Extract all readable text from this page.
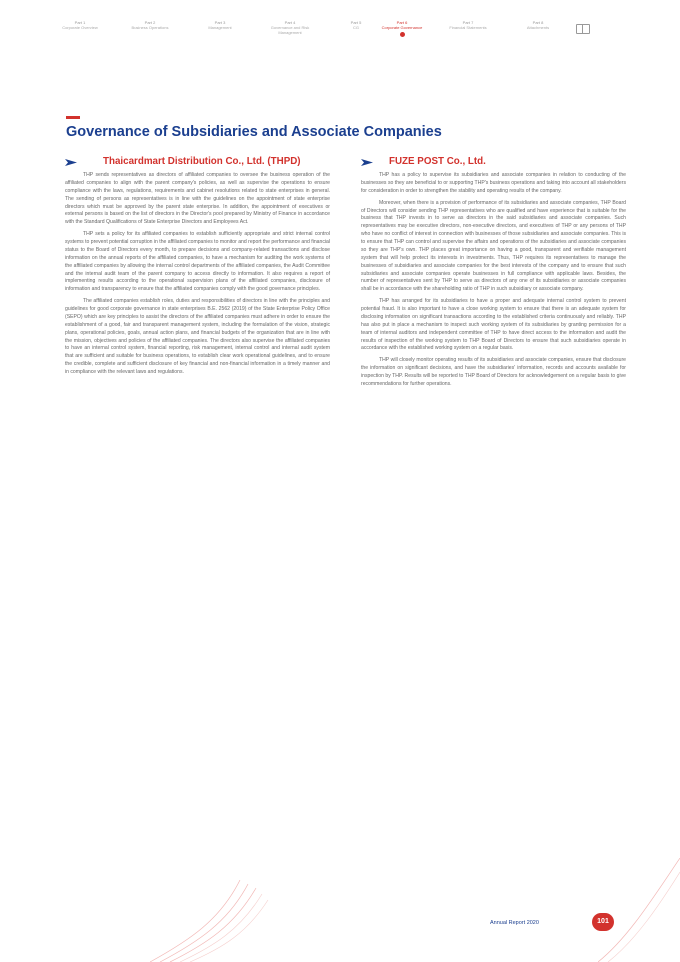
Part 1
Corporate Overview
Part 2
Business Operations
Part 3
Management
Part 4
Governance and Risk Management
Part 5
CG
Part 6
Corporate Governance
Part 7
Financial Statements
Part 8
Attachments
Governance of Subsidiaries and Associate Companies
Thaicardmart Distribution Co., Ltd. (THPD)

THP sends representatives as directors of affiliated companies to oversee the business operation of the affiliated companies to align with the parent company's policies, as well as supervise the operations to ensure compliance with the laws, regulations, requirements and cabinet resolutions related to state enterprises in general. The sending of persons as representatives is in line with the guidelines on the appointment of state enterprise directors which must be approved by the parent state enterprise. In addition, the appointment of executives or external persons is based on the list of directors in the Director's pool prepared by Ministry of Finance in accordance with the Standard Qualifications of State Enterprise Directors and Employees Act.

THP sets a policy for its affiliated companies to establish sufficiently appropriate and strict internal control systems to prevent potential corruption in the affiliated companies to monitor and report the performance and financial status to the Board of Directors every month, to prepare decisions and company-related transactions and disclose information on the annual reports of the affiliated companies, to have a mechanism for auditing the work systems of the affiliated companies by allowing the internal control departments of the affiliated companies, the Audit Committee and the internal audit team of the parent company to access directly to information. It also requires a report of implementing results according to the operational supervision plans of the affiliated companies, disclosure of information and transparency to ensure that the affiliated companies comply with the good governance principles.

The affiliated companies establish roles, duties and responsibilities of directors in line with the principles and guidelines for good corporate governance in state enterprises B.E. 2562 (2019) of the State Enterprise Policy Office (SEPO) which are key principles to assist the directors of the affiliated companies must adhere in order to ensure the establishment of a good, fair and transparent management system, including the formulation of the vision, strategic plans, operational policies, goals, annual action plans, and financial budgets of the organization that are in line with the mission, objectives and policies of the affiliated companies. The directors also supervise the affiliated companies to have an internal control system, financial reporting, risk management, internal control and internal audit system that are sufficient and suitable for business operations, to establish clear work operational guidelines, and to ensure the credible, complete and sufficient disclosure of key financial and non-financial information in a timely manner and in compliance with the relevant laws and regulations.

FUZE POST Co., Ltd.

THP has a policy to supervise its subsidiaries and associate companies in relation to conducting of the businesses so they are beneficial to or supporting THP's business operations and taking into account all stakeholders for consideration in order to strengthen the stability and operating results of the company.

Moreover, when there is a provision of performance of its subsidiaries and associate companies, THP Board of Directors will consider sending THP representatives who are qualified and have experience that is suitable for the business that THP invests in to serve as directors in the said subsidiaries and associate companies. Such representatives may be executive directors, non-executive directors, and executives of THP or any persons of THP who have no conflict of interest in connection with businesses of those subsidiaries and associate companies. This is to ensure that THP can control and supervise the affairs and operations of the subsidiaries and associate companies so they are THP's own. THP places great importance on having a good, transparent and verifiable management system that will help protect its interests in investments. Thus, THP requires its representatives to manage the businesses of subsidiaries and associate companies for the best interests of the company and to ensure that such subsidiaries and associate companies operate businesses in full compliance with applicable laws. Besides, the number of representatives sent by THP to serve as directors of any one of its subsidiaries or associate companies shall be in accordance with the shareholding ratio of THP in such subsidiary or associate company.

THP has arranged for its subsidiaries to have a proper and adequate internal control system to prevent potential fraud. It is also important to have a close working system to ensure that there is an adequate system for disclosing information on significant transactions according to the established criteria continuously and reliably. THP has also put in place a mechanism to inspect such working system of its subsidiaries by granting permission for a team of internal auditors and independent committee of THP to have direct access to the information and audit the results of inspection of the working system to THP Board of Directors to ensure that such subsidiaries operate in accordance with the established working system on a regular basis.

THP will closely monitor operating results of its subsidiaries and associate companies, ensure that disclosure the information on significant decisions, and have the subsidiaries' information, records and accounts available for inspection by THP. Results will be reported to THP Board of Directors for acknowledgement on a regular basis to give recommendations for further operations.

Annual Report 2020	101
